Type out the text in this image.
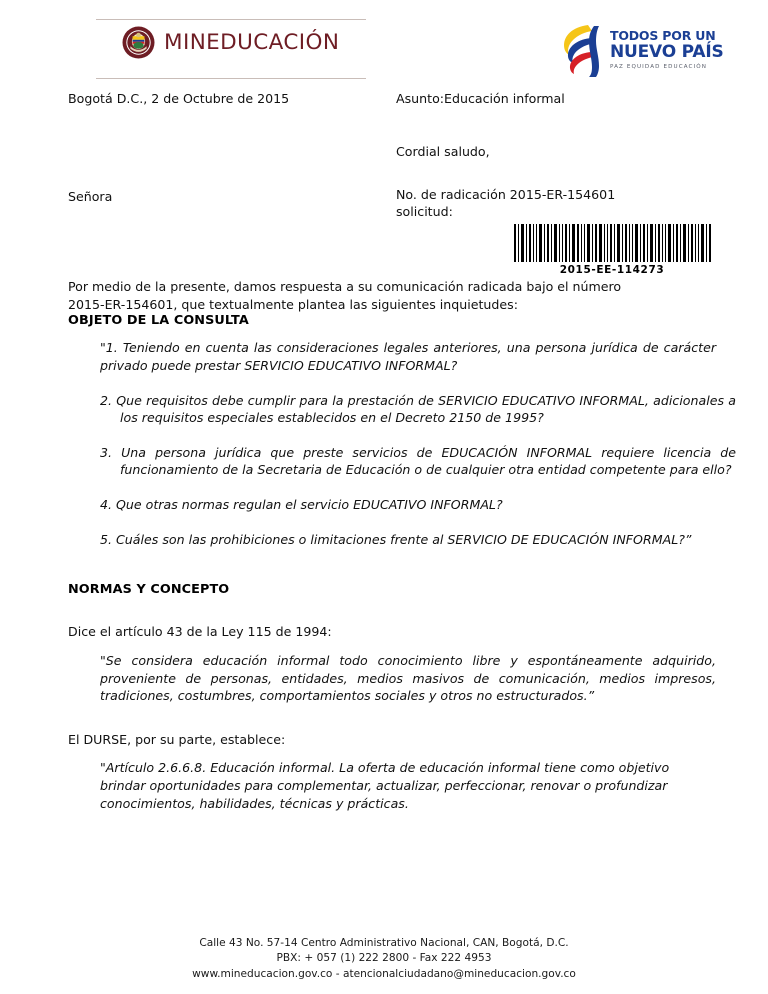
MINEDUCACIÓN	TODOS POR UN
NUEVO PAÍS
PAZ EQUIDAD EDUCACIÓN
Bogotá D.C., 2 de Octubre de 2015	Asunto:Educación informal
Cordial saludo,
Señora	No. de radicación 2015-ER-154601
solicitud:
2015-EE-114273

Por medio de la presente, damos respuesta a su comunicación radicada bajo el número

2015-ER-154601, que textualmente plantea las siguientes inquietudes:

OBJETO DE LA CONSULTA

"1. Teniendo en cuenta las consideraciones legales anteriores, una persona jurídica de carácter privado puede prestar SERVICIO EDUCATIVO INFORMAL?

2. Que requisitos debe cumplir para la prestación de SERVICIO EDUCATIVO INFORMAL, adicionales a los requisitos especiales establecidos en el Decreto 2150 de 1995?

3. Una persona jurídica que preste servicios de EDUCACIÓN INFORMAL requiere licencia de funcionamiento de la Secretaria de Educación o de cualquier otra entidad competente para ello?

4. Que otras normas regulan el servicio EDUCATIVO INFORMAL?

5. Cuáles son las prohibiciones o limitaciones frente al SERVICIO DE EDUCACIÓN INFORMAL?”

NORMAS Y CONCEPTO

Dice el artículo 43 de la Ley 115 de 1994:

"Se considera educación informal todo conocimiento libre y espontáneamente adquirido, proveniente de personas, entidades, medios masivos de comunicación, medios impresos, tradiciones, costumbres, comportamientos sociales y otros no estructurados.”

El DURSE, por su parte, establece:

"Artículo 2.6.6.8. Educación informal. La oferta de educación informal tiene como objetivo brindar oportunidades para complementar, actualizar, perfeccionar, renovar o profundizar conocimientos, habilidades, técnicas y prácticas.

Calle 43 No. 57-14 Centro Administrativo Nacional, CAN, Bogotá, D.C.
PBX: + 057 (1) 222 2800 - Fax 222 4953
www.mineducacion.gov.co - atencionalciudadano@mineducacion.gov.co
